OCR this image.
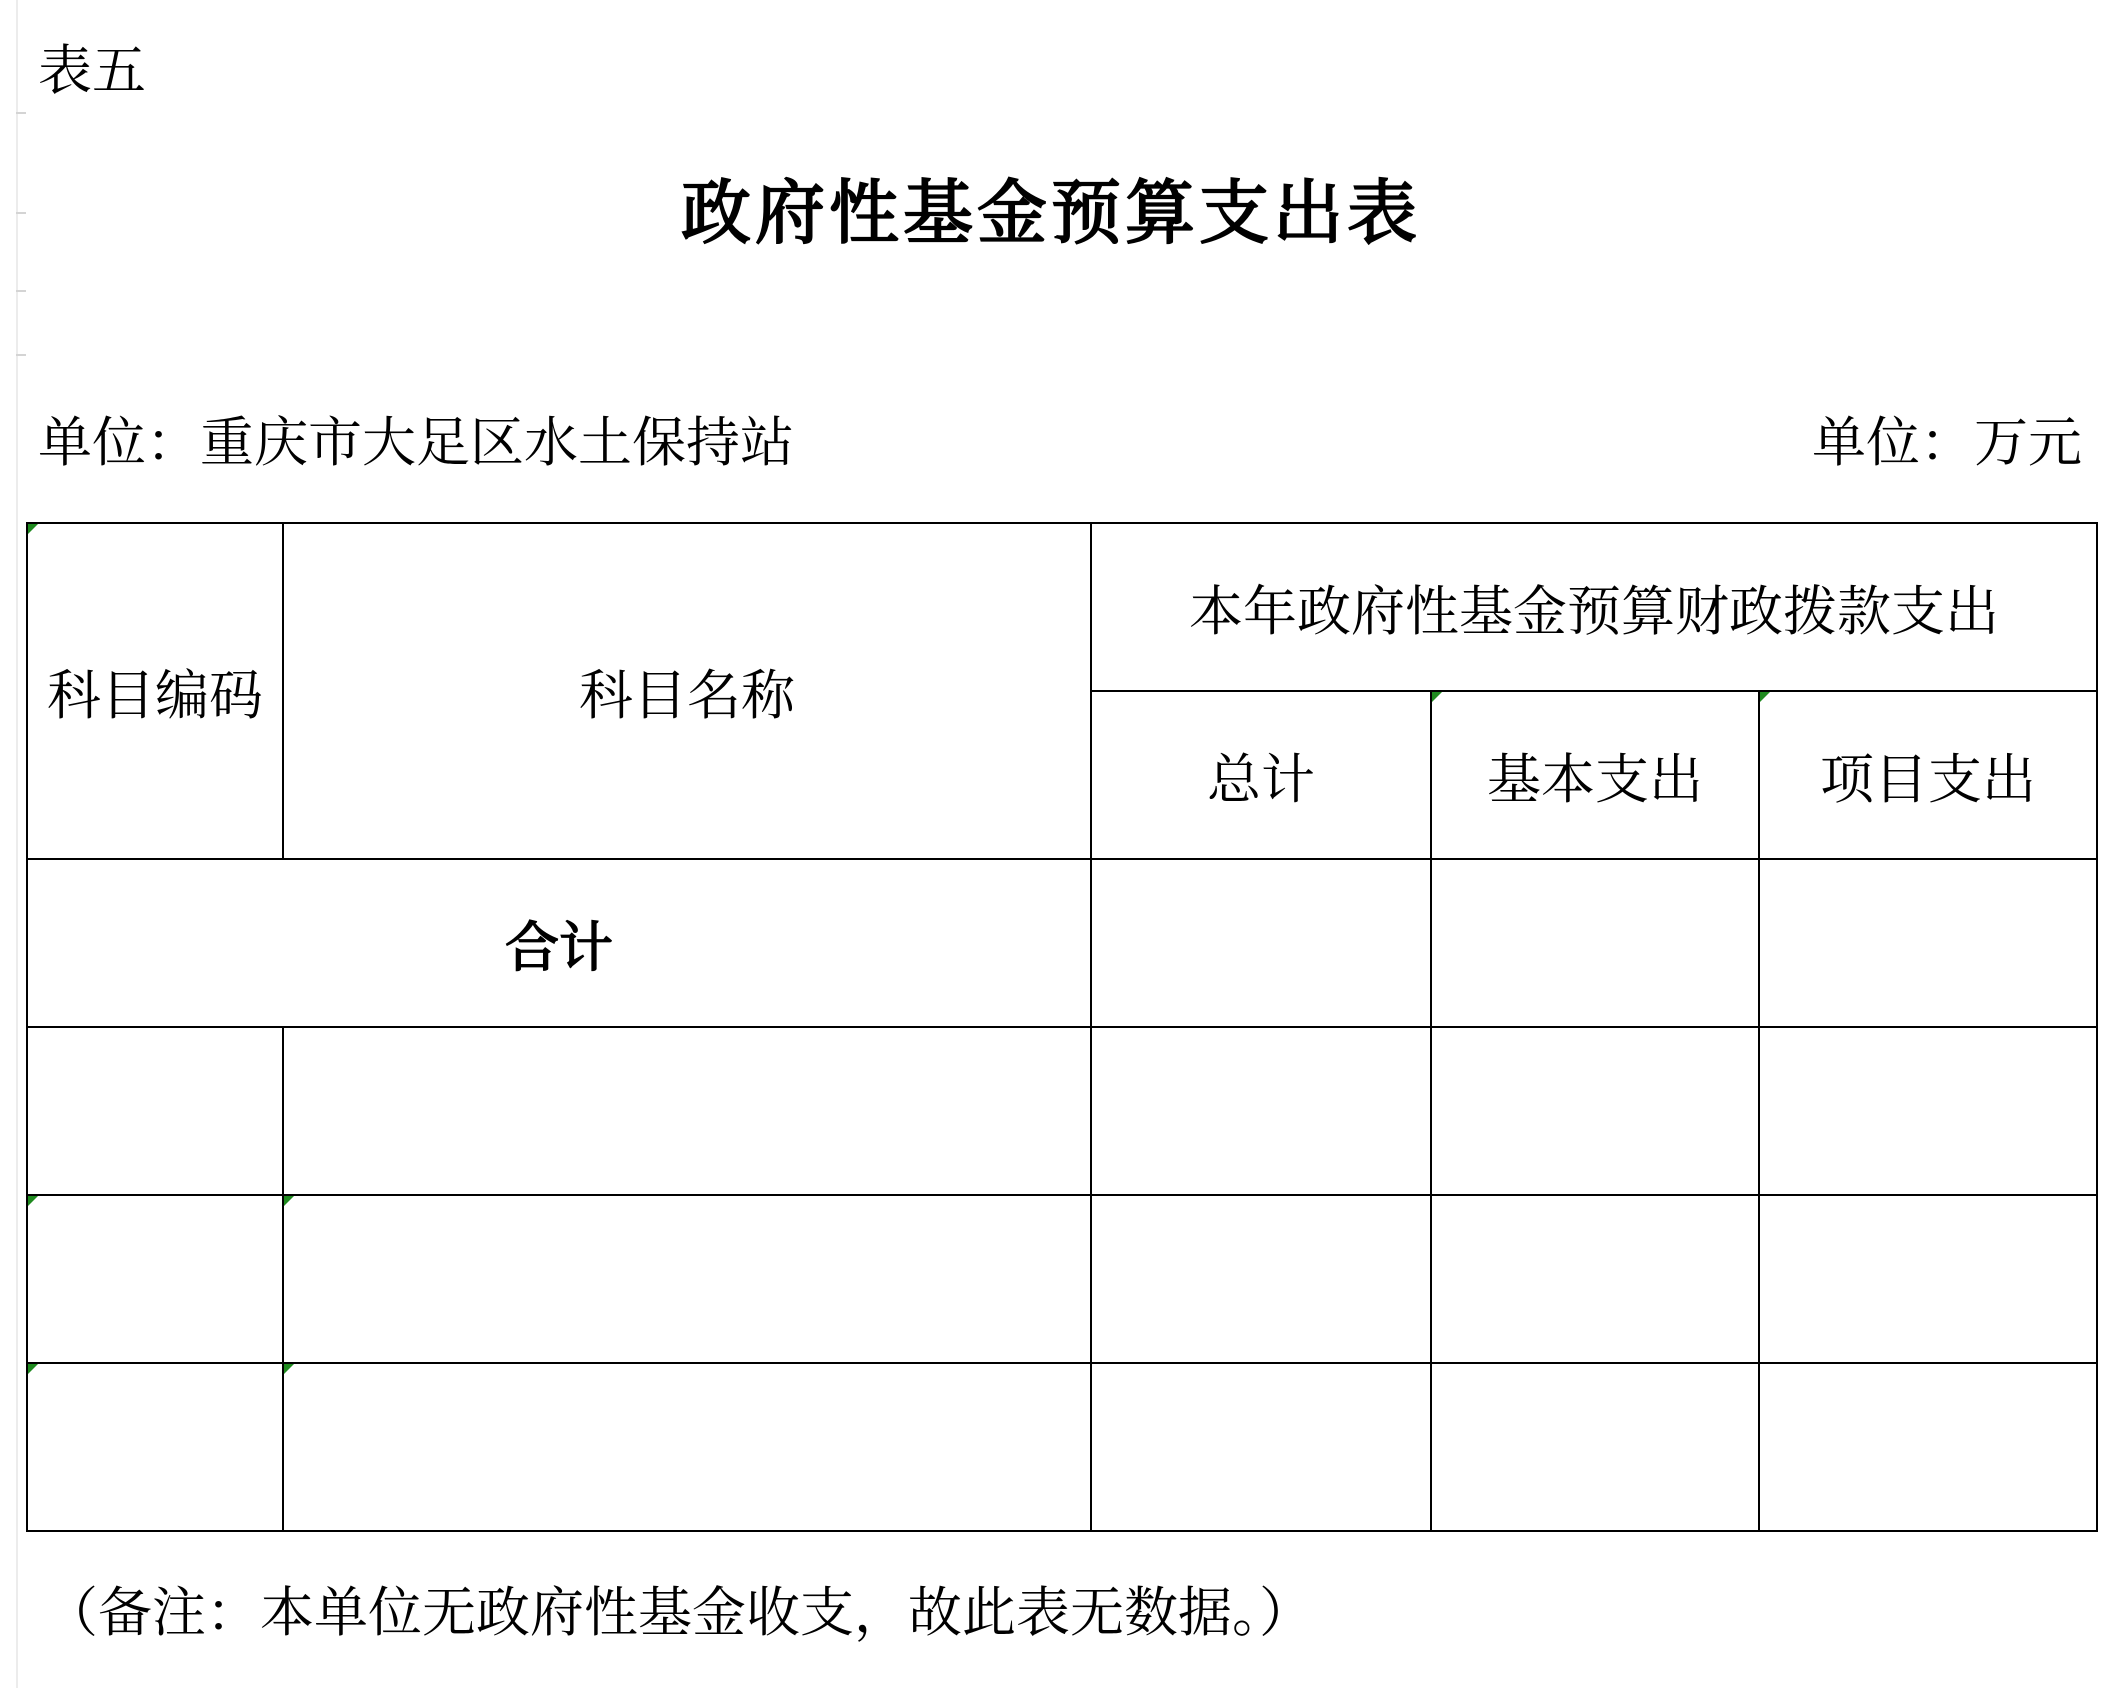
表五
政府性基金预算支出表
单位：重庆市大足区水土保持站	单位：万元
科目编码	科目名称	本年政府性基金预算财政拨款支出		
		总计	基本支出	项目支出
合计				

（备注：本单位无政府性基金收支，故此表无数据。）
